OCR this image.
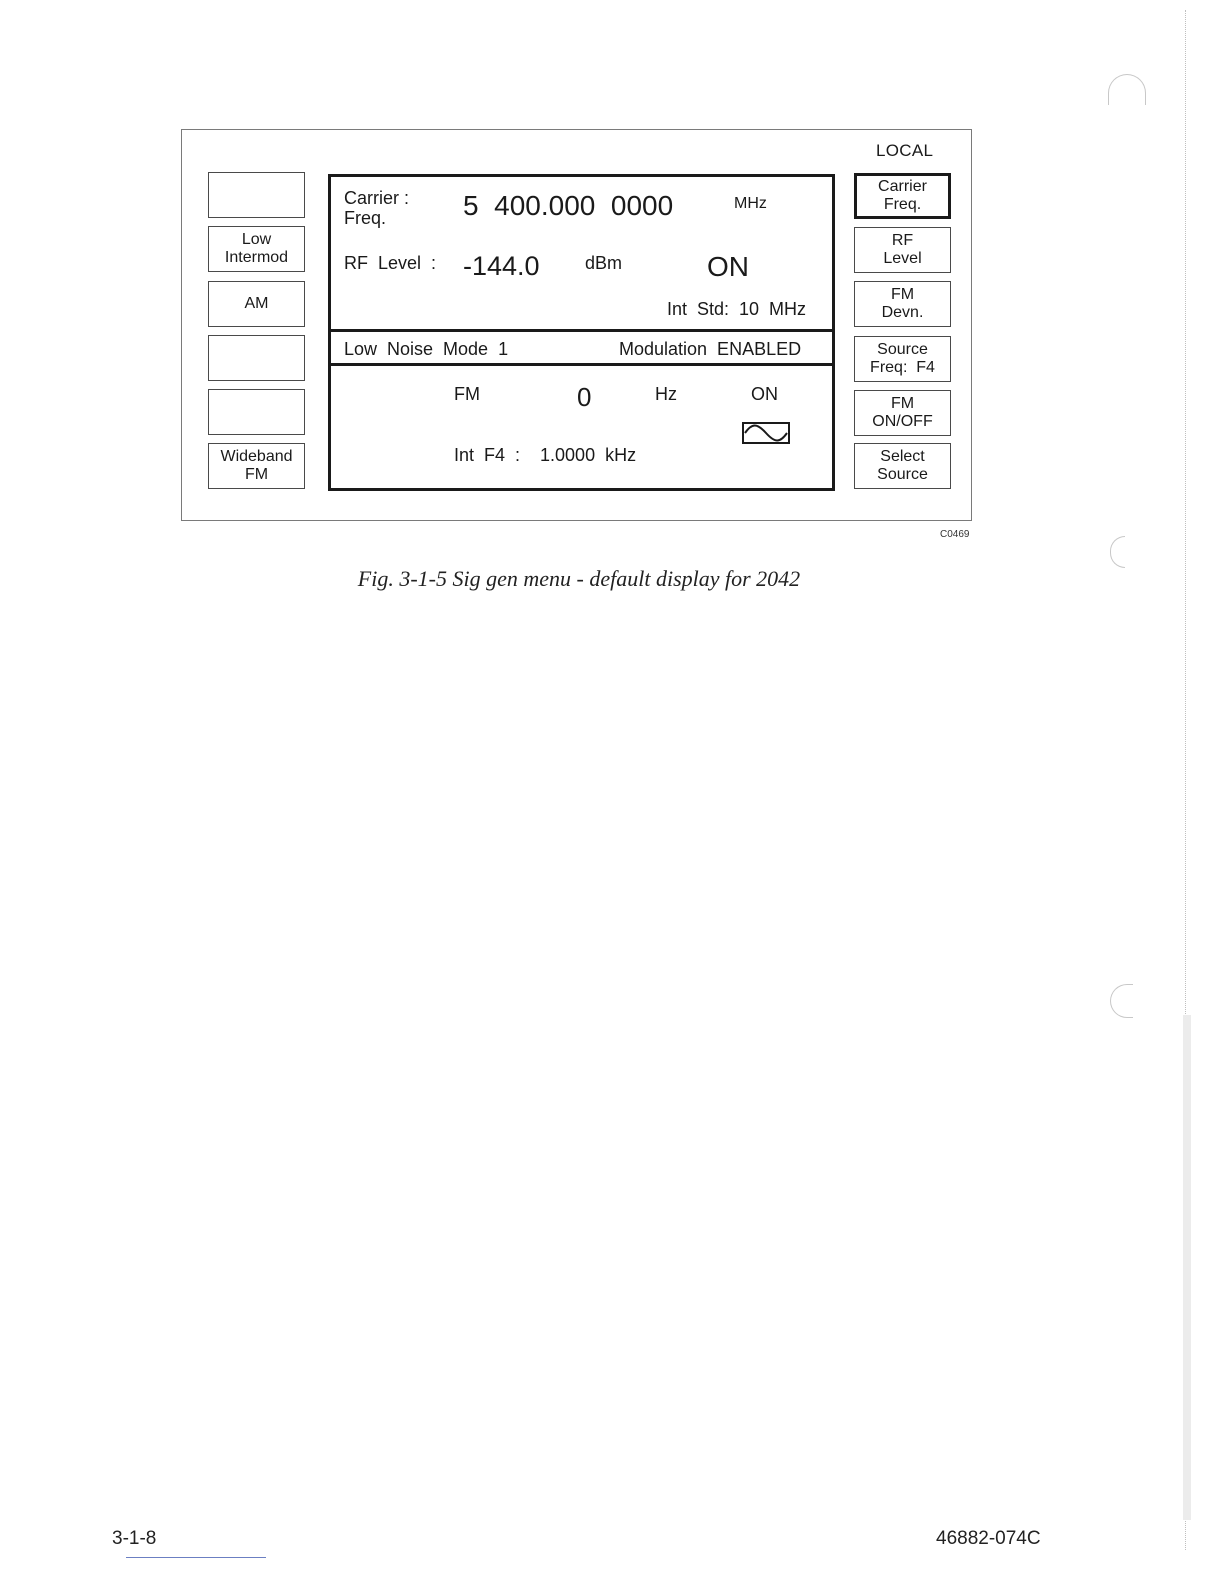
LOCAL
Low
Intermod
AM
Wideband
FM
Carrier
Freq.
RF
Level
FM
Devn.
Source
Freq:  F4
FM
ON/OFF
Select
Source
Carrier :
Freq.	5  400.000  0000	MHz
RF  Level  : -144.0	dBm	ON
Int  Std:  10  MHz
Low  Noise  Mode  1	Modulation  ENABLED
FM	0	Hz	ON
Int  F4  :    1.0000  kHz
C0469
Fig. 3-1-5 Sig gen menu - default display for 2042
3-1-8	46882-074C
